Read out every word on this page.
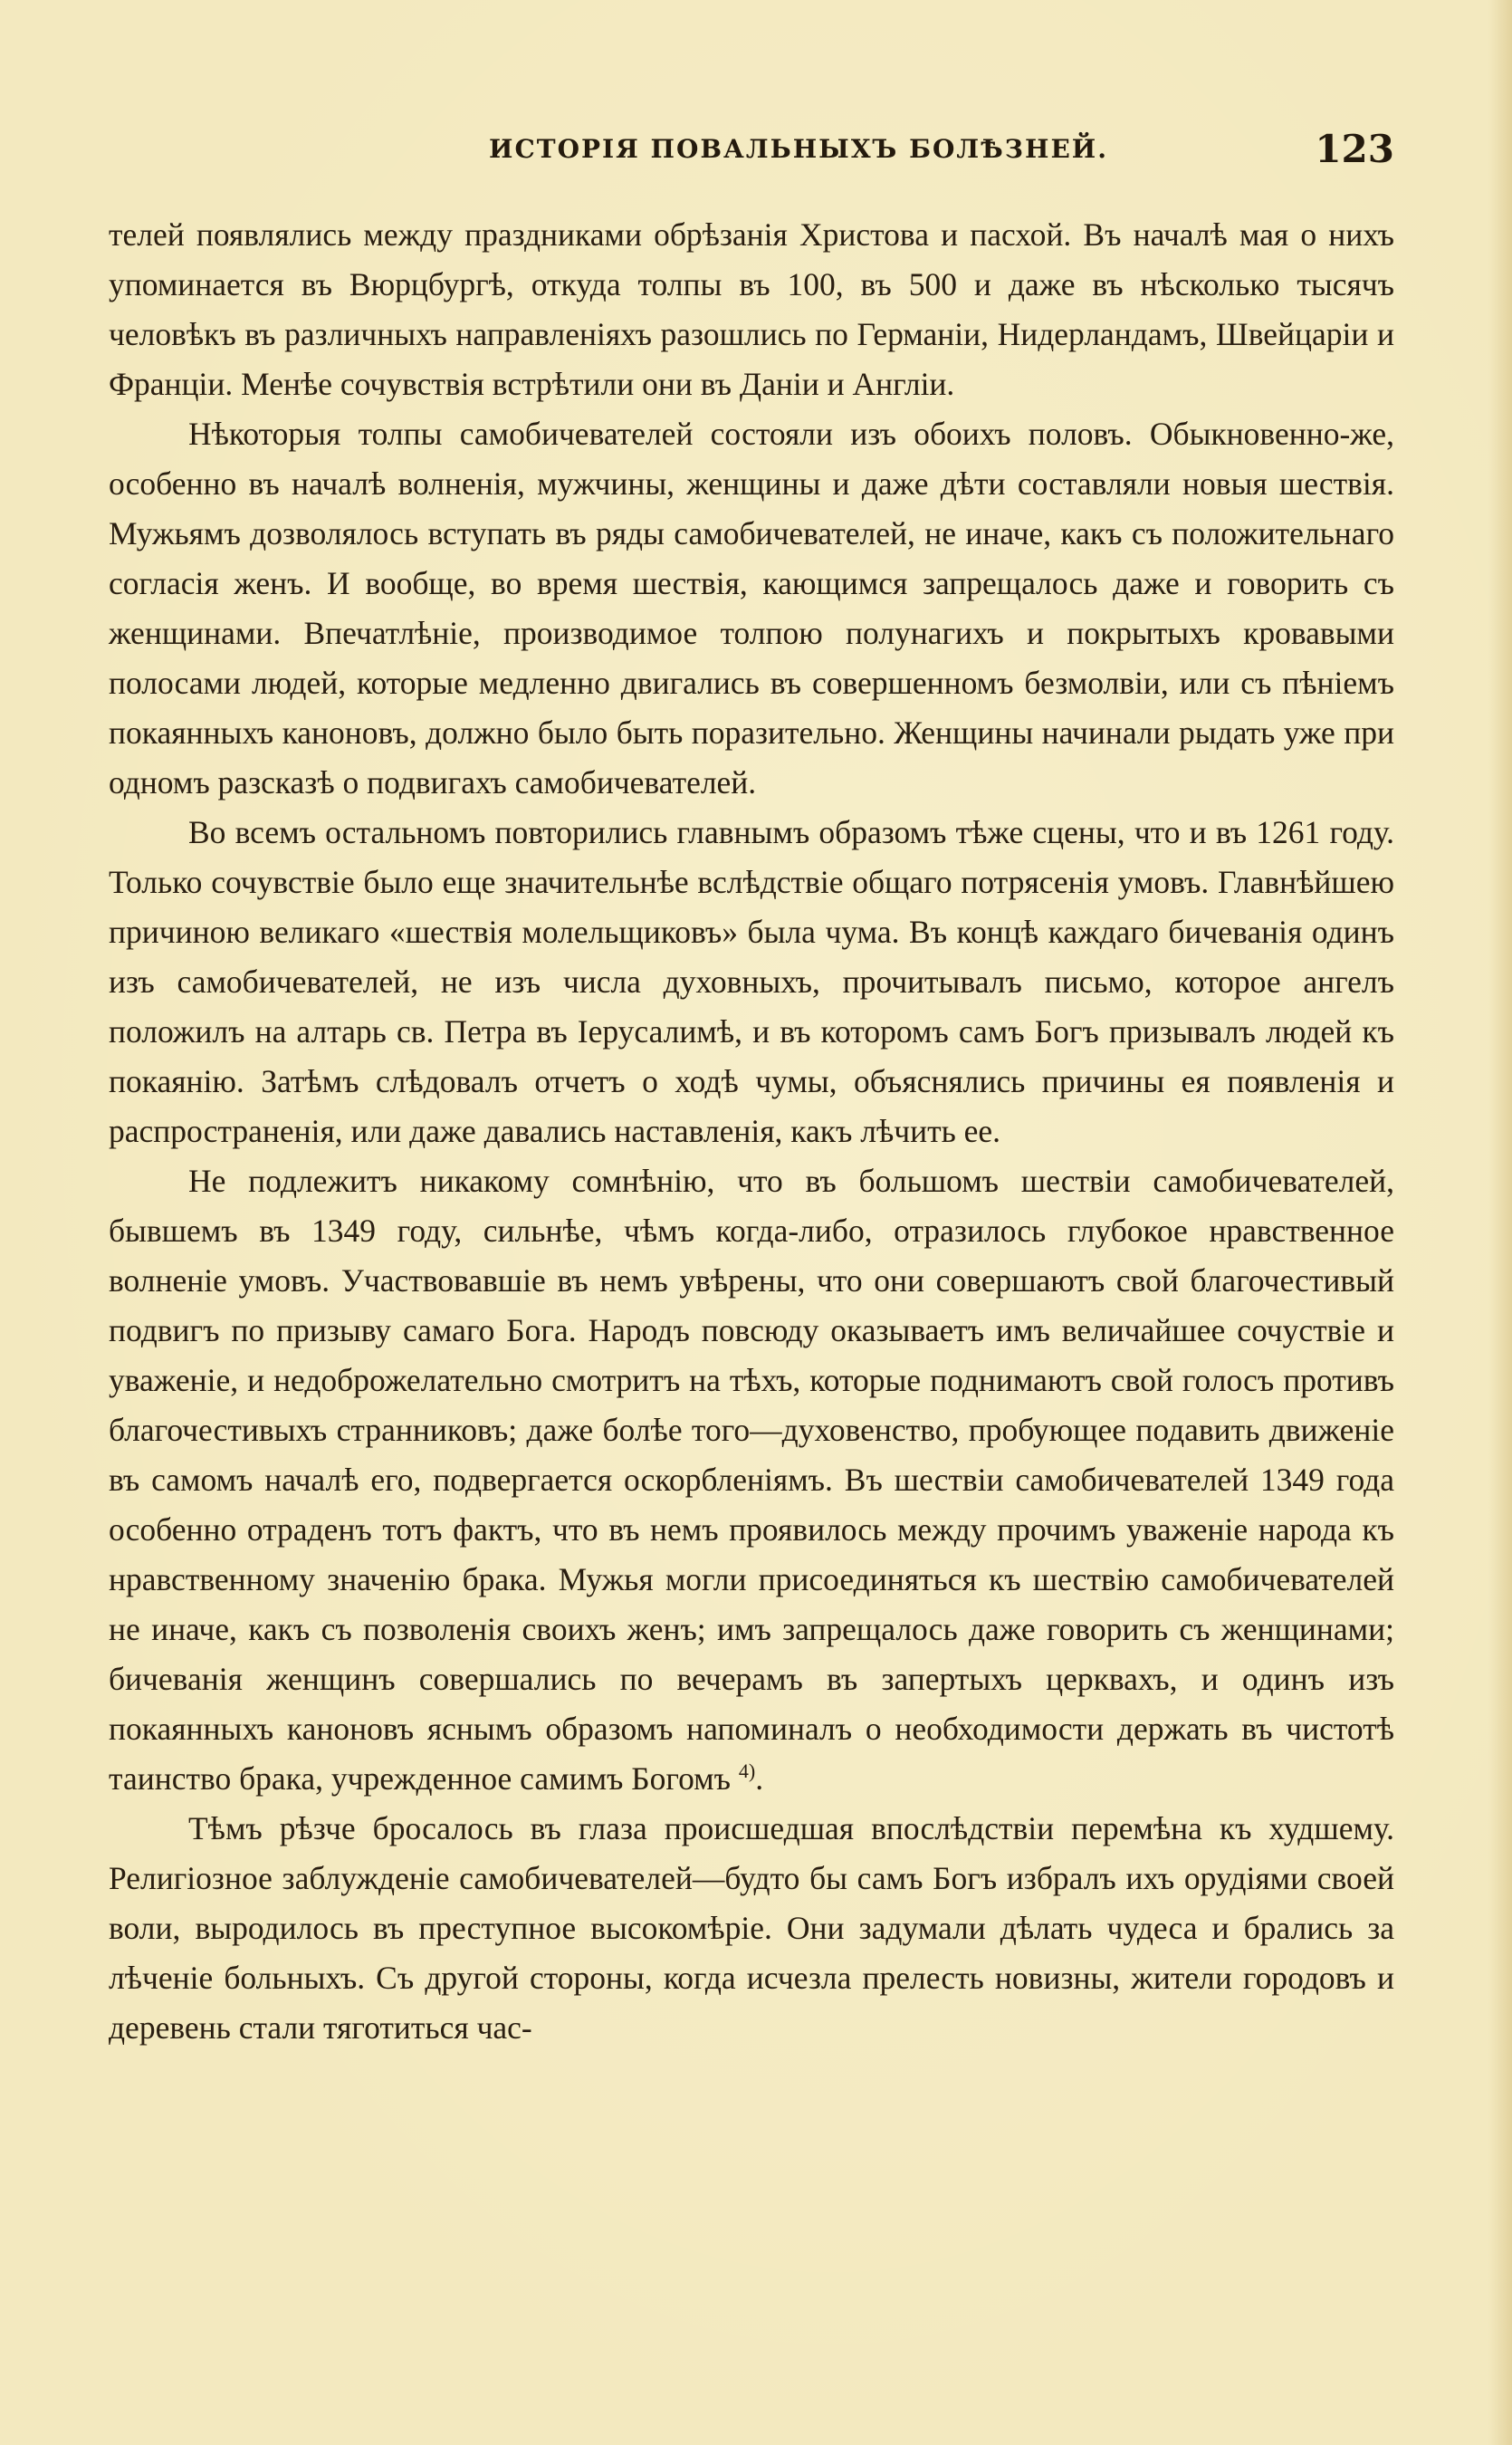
ИСТОРІЯ ПОВАЛЬНЫХЪ БОЛѢЗНЕЙ.	123

телей появлялись между праздниками обрѣзанія Христова и пасхой. Въ началѣ мая о нихъ упоминается въ Вюрцбургѣ, откуда толпы въ 100, въ 500 и даже въ нѣсколько тысячъ человѣкъ въ различныхъ направленіяхъ разошлись по Германіи, Нидерландамъ, Швейцаріи и Франціи. Менѣе сочувствія встрѣтили они въ Даніи и Англіи.

Нѣкоторыя толпы самобичевателей состояли изъ обоихъ половъ. Обыкновенно-же, особенно въ началѣ волненія, мужчины, женщины и даже дѣти составляли новыя шествія. Мужьямъ дозволялось вступать въ ряды самобичевателей, не иначе, какъ съ положительнаго согласія женъ. И вообще, во время шествія, кающимся запрещалось даже и говорить съ женщинами. Впечатлѣніе, производимое толпою полунагихъ и покрытыхъ кровавыми полосами людей, которые медленно двигались въ совершенномъ безмолвіи, или съ пѣніемъ покаянныхъ каноновъ, должно было быть поразительно. Женщины начинали рыдать уже при одномъ разсказѣ о подвигахъ самобичевателей.

Во всемъ остальномъ повторились главнымъ образомъ тѣже сцены, что и въ 1261 году. Только сочувствіе было еще значительнѣе вслѣдствіе общаго потрясенія умовъ. Главнѣйшею причиною великаго «шествія молельщиковъ» была чума. Въ концѣ каждаго бичеванія одинъ изъ самобичевателей, не изъ числа духовныхъ, прочитывалъ письмо, которое ангелъ положилъ на алтарь св. Петра въ Іерусалимѣ, и въ которомъ самъ Богъ призывалъ людей къ покаянію. Затѣмъ слѣдовалъ отчетъ о ходѣ чумы, объяснялись причины ея появленія и распространенія, или даже давались наставленія, какъ лѣчить ее.

Не подлежитъ никакому сомнѣнію, что въ большомъ шествіи самобичевателей, бывшемъ въ 1349 году, сильнѣе, чѣмъ когда-либо, отразилось глубокое нравственное волненіе умовъ. Участвовавшіе въ немъ увѣрены, что они совершаютъ свой благочестивый подвигъ по призыву самаго Бога. Народъ повсюду оказываетъ имъ величайшее сочуствіе и уваженіе, и недоброжелательно смотритъ на тѣхъ, которые поднимаютъ свой голосъ противъ благочестивыхъ странниковъ; даже болѣе того—духовенство, пробующее подавить движеніе въ самомъ началѣ его, подвергается оскорбленіямъ. Въ шествіи самобичевателей 1349 года особенно отраденъ тотъ фактъ, что въ немъ проявилось между прочимъ уваженіе народа къ нравственному значенію брака. Мужья могли присоединяться къ шествію самобичевателей не иначе, какъ съ позволенія своихъ женъ; имъ запрещалось даже говорить съ женщинами; бичеванія женщинъ совершались по вечерамъ въ запертыхъ церквахъ, и одинъ изъ покаянныхъ каноновъ яснымъ образомъ напоминалъ о необходимости держать въ чистотѣ таинство брака, учрежденное самимъ Богомъ $^{4)}$.

Тѣмъ рѣзче бросалось въ глаза происшедшая впослѣдствіи перемѣна къ худшему. Религіозное заблужденіе самобичевателей—будто бы самъ Богъ избралъ ихъ орудіями своей воли, выродилось въ преступное высокомѣріе. Они задумали дѣлать чудеса и брались за лѣченіе больныхъ. Съ другой стороны, когда исчезла прелесть новизны, жители городовъ и деревень стали тяготиться час-
